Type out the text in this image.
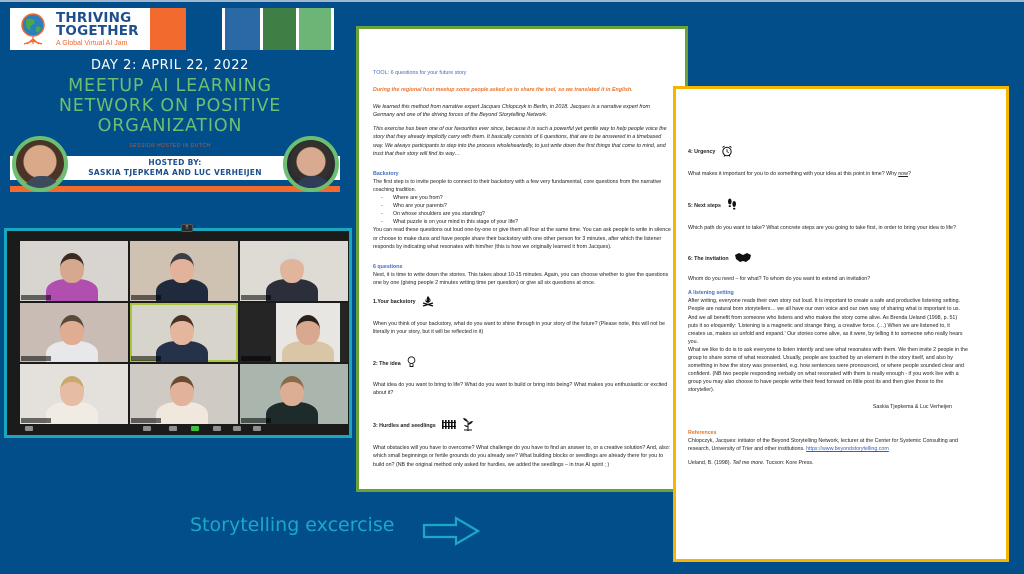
THRIVING
TOGETHER
A Global Virtual AI Jam
DAY 2: APRIL 22, 2022
MEETUP AI LEARNING
NETWORK ON POSITIVE
ORGANIZATION
SESSION HOSTED IN DUTCH
HOSTED BY:
SASKIA TJEPKEMA AND LUC VERHEIJEN
⠿

TOOL: 6 questions for your future story

During the regional host meetup some people asked us to share the tool, so we translated it in English.

We learned this method from narrative expert Jacques Chlopczyk in Berlin, in 2018. Jacques is a narrative expert from Germany and one of the driving forces of the Beyond Storytelling Network.

This exercise has been one of our favourites ever since, because it is such a powerful yet gentle way to help people voice the story that they already implicitly carry with them. It basically consists of 6 questions, that are to be answered in a timebased way. We always participants to step into the process wholeheartedly, to just write down the first things that come to mind, and trust that their story will find its way…

Backstory

The first step is to invite people to connect to their backstory with a few very fundamental, core questions from the narrative coaching tradition.

- Where are you from?
- Who are your parents?
- On whose shoulders are you standing?
- What puzzle is on your mind in this stage of your life?

You can read these questions out loud one-by-one or give them all four at the same time. You can ask people to write in silence or choose to make duos and have people share their backstory with one other person for 3 minutes, after which the listener responds by indicating what resonates with him/her (this is how we originally learned it from Jacques).

6 questions

Next, it is time to write down the stories. This takes about 10-15 minutes. Again, you can choose whether to give the questions one by one (giving people 2 minutes writing time per question) or give all six questions at once.

1.Your backstory

When you think of your backstory, what do you want to shine through in your story of the future? (Please note, this will not be literally in your story, but it will be reflected in it)

2: The idea

What idea do you want to bring to life? What do you want to build or bring into being? What makes you enthusiastic or excited about it?

3: Hurdles and seedlings

What obstacles will you have to overcome? What challenge do you have to find an answer to, or a creative solution? And, also: which small beginnings or fertile grounds do you already see? What building blocks or seedlings are already there for you to build on? (NB the original method only asked for hurdles, we added the seedlings – in true AI spirit ; )

4: Urgency

What makes it important for you to do something with your idea at this point in time? Why now?

5: Next steps

Which path do you want to take? What concrete steps are you going to take first, in order to bring your idea to life?

6: The invitation

Whom do you need – for what? To whom do you want to extend an invitation?

A listening setting

After writing, everyone reads their own story out loud. It is important to create a safe and productive listening setting. People are natural born storytellers… we all have our own voice and our own way of sharing what is important to us. And we all benefit from someone who listens and who makes the story come alive. As Brenda Ueland (1998, p. 51) puts it so eloquently: 'Listening is a magnetic and strange thing, a creative force. (…) When we are listened to, it creates us, makes us unfold and expand.' Our stories come alive, as it were, by telling it to someone who really hears you.

What we like to do is to ask everyone to listen intently and see what resonates with them. We then invite 2 people in the group to share some of what resonated. Usually, people are touched by an element in the story itself, and also by something in how the story was presented, e.g. how sentences were pronounced, or where people sounded clear and confident. (NB two people responding verbally on what resonated with them is really enough - if you work live with a group you may also choose to have people write their feed forward on little post its and then give those to the storyteller).

Saskia Tjepkema & Luc Verheijen

References

Chlopczyk, Jacques: initiator of the Beyond Storytelling Network, lecturer at the Center for Systemic Consulting and research, University of Trier and other institutions. https://www.beyondstorytelling.com

Ueland, B. (1998). Tell me more. Tucson: Kore Press.

Storytelling excercise
